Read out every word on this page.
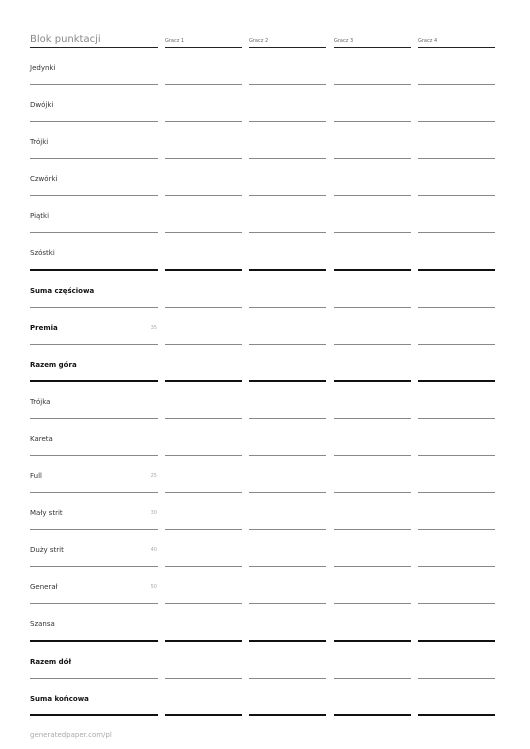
Blok punktacji	Gracz 1	Gracz 2	Gracz 3	Gracz 4
Jedynki
Dwójki
Trójki
Czwórki
Piątki
Szóstki
Suma częściowa
Premia	35
Razem góra
Trójka
Kareta
Full	25
Mały strit	30
Duży strit	40
Generał	50
Szansa
Razem dół
Suma końcowa
generatedpaper.com/pl
